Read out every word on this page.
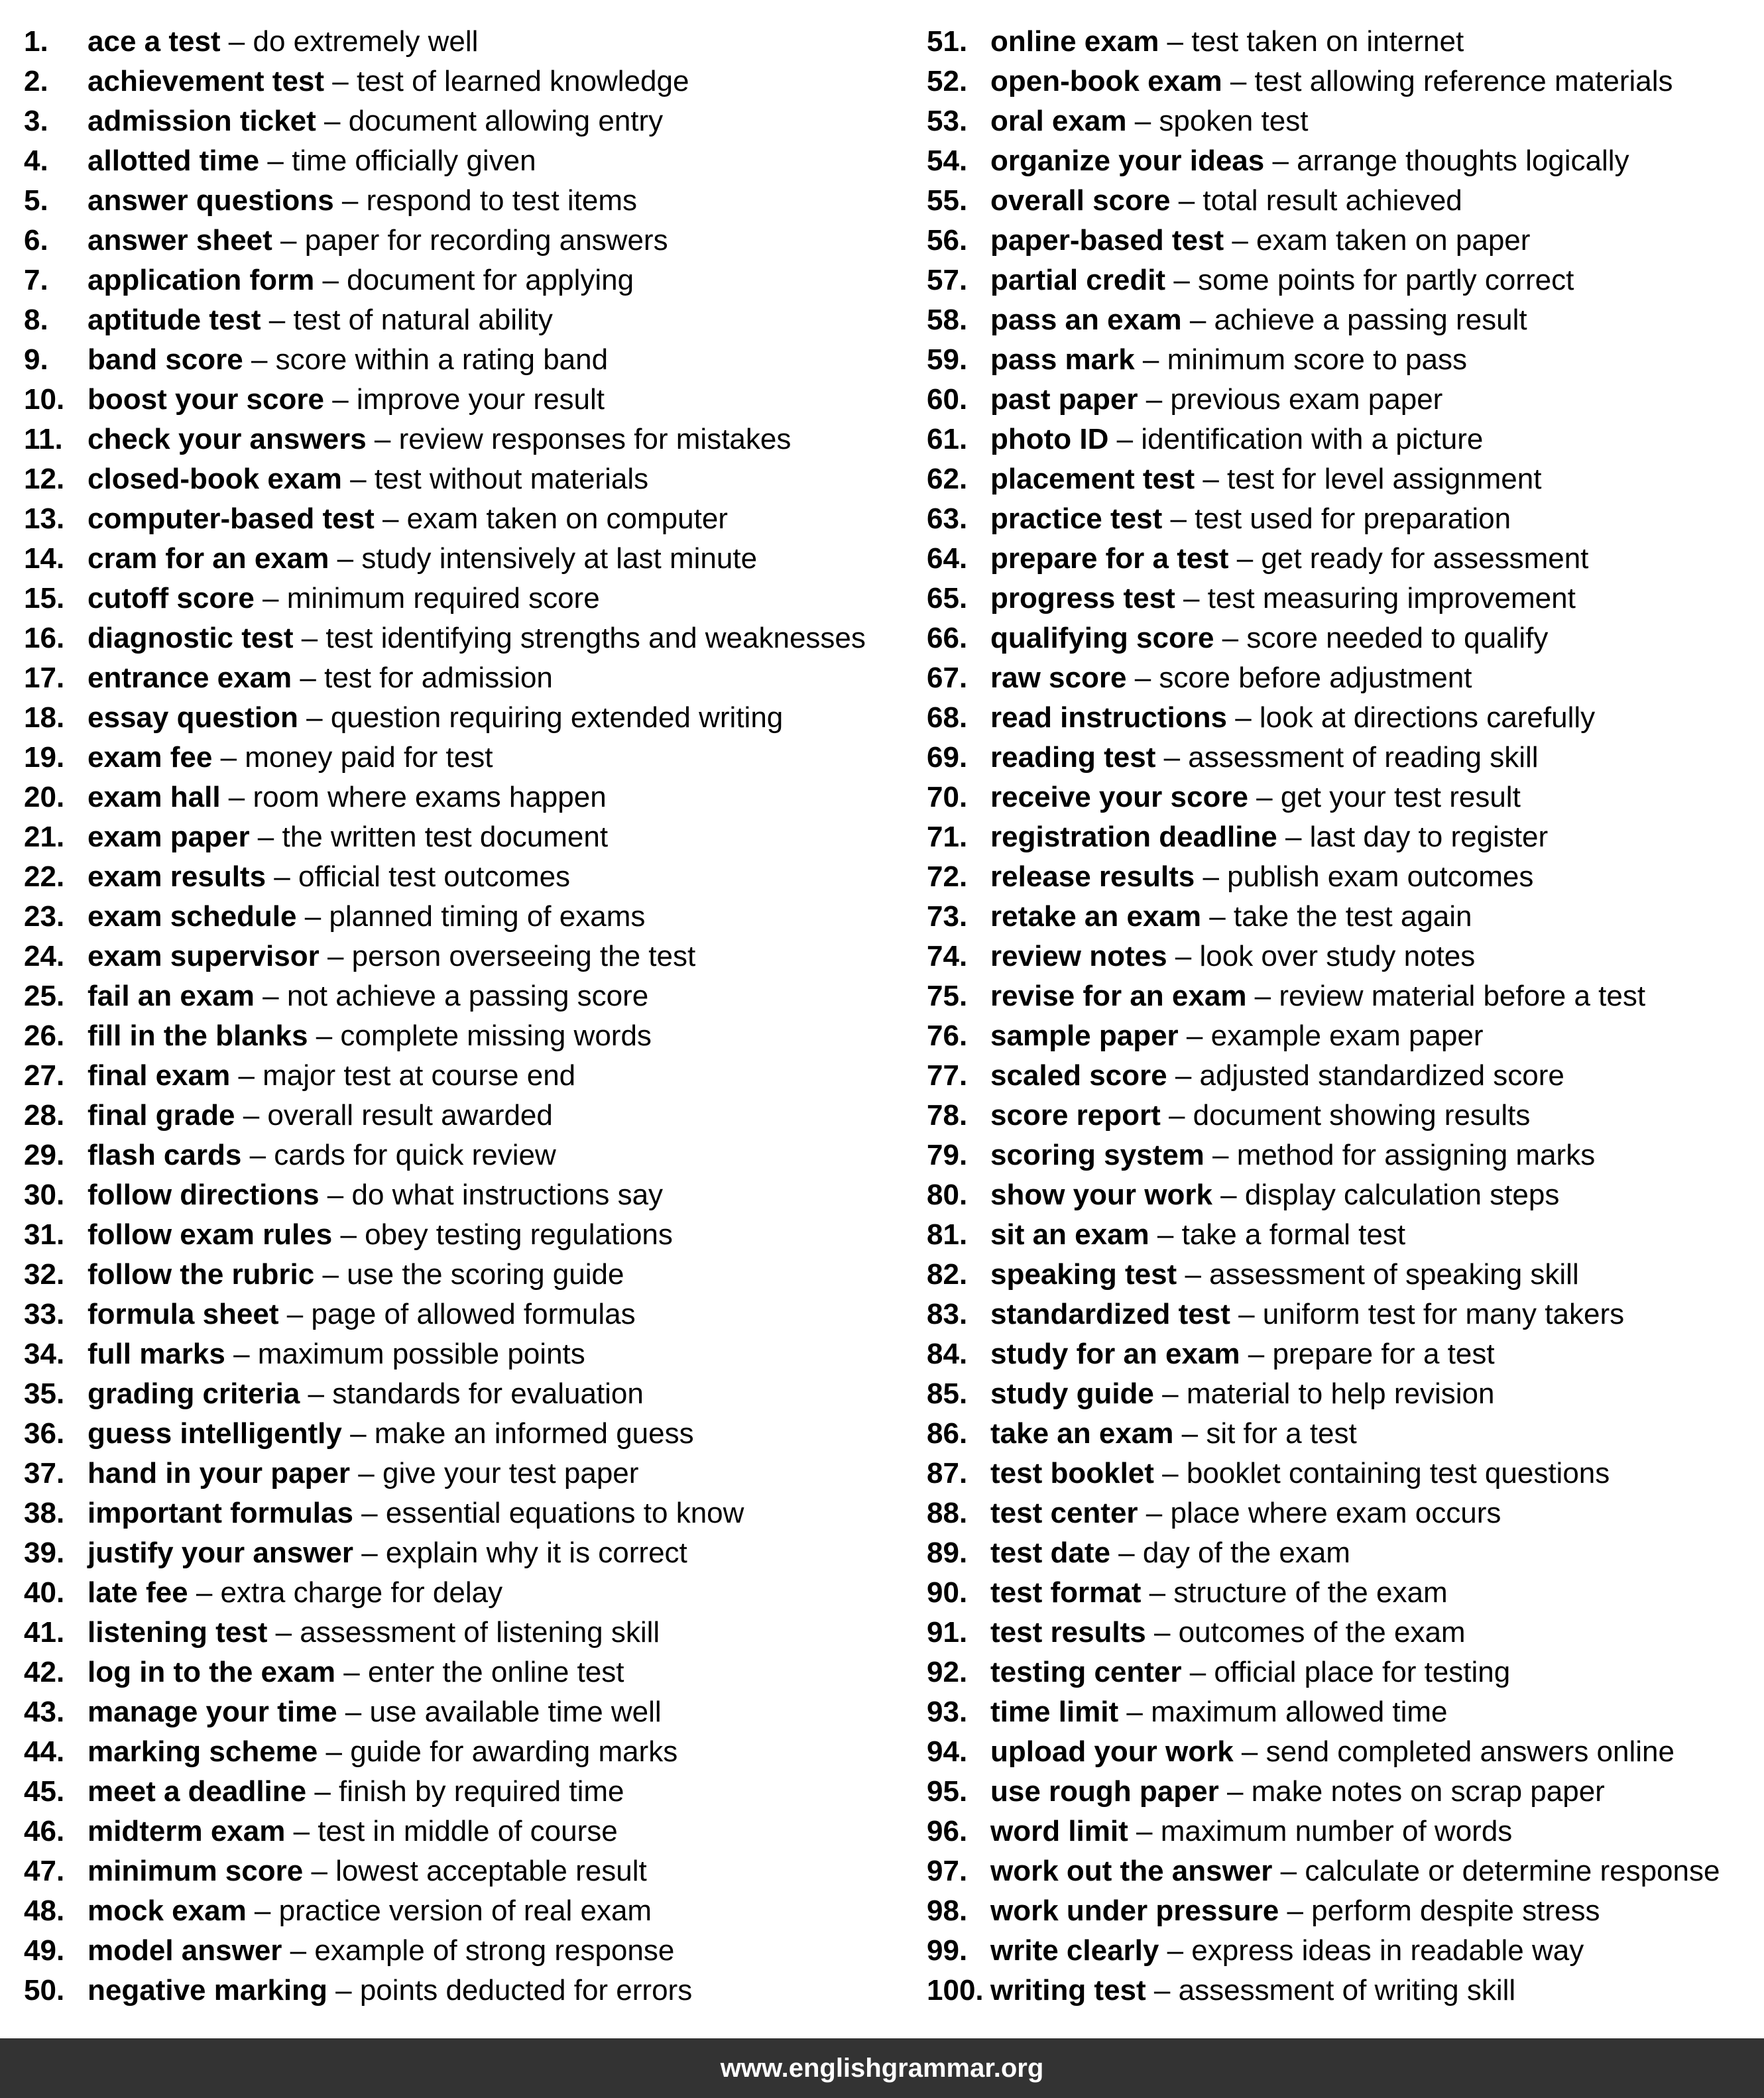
1. ace a test – do extremely well
2. achievement test – test of learned knowledge
3. admission ticket – document allowing entry
4. allotted time – time officially given
5. answer questions – respond to test items
6. answer sheet – paper for recording answers
7. application form – document for applying
8. aptitude test – test of natural ability
9. band score – score within a rating band
10. boost your score – improve your result
11. check your answers – review responses for mistakes
12. closed-book exam – test without materials
13. computer-based test – exam taken on computer
14. cram for an exam – study intensively at last minute
15. cutoff score – minimum required score
16. diagnostic test – test identifying strengths and weaknesses
17. entrance exam – test for admission
18. essay question – question requiring extended writing
19. exam fee – money paid for test
20. exam hall – room where exams happen
21. exam paper – the written test document
22. exam results – official test outcomes
23. exam schedule – planned timing of exams
24. exam supervisor – person overseeing the test
25. fail an exam – not achieve a passing score
26. fill in the blanks – complete missing words
27. final exam – major test at course end
28. final grade – overall result awarded
29. flash cards – cards for quick review
30. follow directions – do what instructions say
31. follow exam rules – obey testing regulations
32. follow the rubric – use the scoring guide
33. formula sheet – page of allowed formulas
34. full marks – maximum possible points
35. grading criteria – standards for evaluation
36. guess intelligently – make an informed guess
37. hand in your paper – give your test paper
38. important formulas – essential equations to know
39. justify your answer – explain why it is correct
40. late fee – extra charge for delay
41. listening test – assessment of listening skill
42. log in to the exam – enter the online test
43. manage your time – use available time well
44. marking scheme – guide for awarding marks
45. meet a deadline – finish by required time
46. midterm exam – test in middle of course
47. minimum score – lowest acceptable result
48. mock exam – practice version of real exam
49. model answer – example of strong response
50. negative marking – points deducted for errors
51. online exam – test taken on internet
52. open-book exam – test allowing reference materials
53. oral exam – spoken test
54. organize your ideas – arrange thoughts logically
55. overall score – total result achieved
56. paper-based test – exam taken on paper
57. partial credit – some points for partly correct
58. pass an exam – achieve a passing result
59. pass mark – minimum score to pass
60. past paper – previous exam paper
61. photo ID – identification with a picture
62. placement test – test for level assignment
63. practice test – test used for preparation
64. prepare for a test – get ready for assessment
65. progress test – test measuring improvement
66. qualifying score – score needed to qualify
67. raw score – score before adjustment
68. read instructions – look at directions carefully
69. reading test – assessment of reading skill
70. receive your score – get your test result
71. registration deadline – last day to register
72. release results – publish exam outcomes
73. retake an exam – take the test again
74. review notes – look over study notes
75. revise for an exam – review material before a test
76. sample paper – example exam paper
77. scaled score – adjusted standardized score
78. score report – document showing results
79. scoring system – method for assigning marks
80. show your work – display calculation steps
81. sit an exam – take a formal test
82. speaking test – assessment of speaking skill
83. standardized test – uniform test for many takers
84. study for an exam – prepare for a test
85. study guide – material to help revision
86. take an exam – sit for a test
87. test booklet – booklet containing test questions
88. test center – place where exam occurs
89. test date – day of the exam
90. test format – structure of the exam
91. test results – outcomes of the exam
92. testing center – official place for testing
93. time limit – maximum allowed time
94. upload your work – send completed answers online
95. use rough paper – make notes on scrap paper
96. word limit – maximum number of words
97. work out the answer – calculate or determine response
98. work under pressure – perform despite stress
99. write clearly – express ideas in readable way
100. writing test – assessment of writing skill
www.englishgrammar.org
